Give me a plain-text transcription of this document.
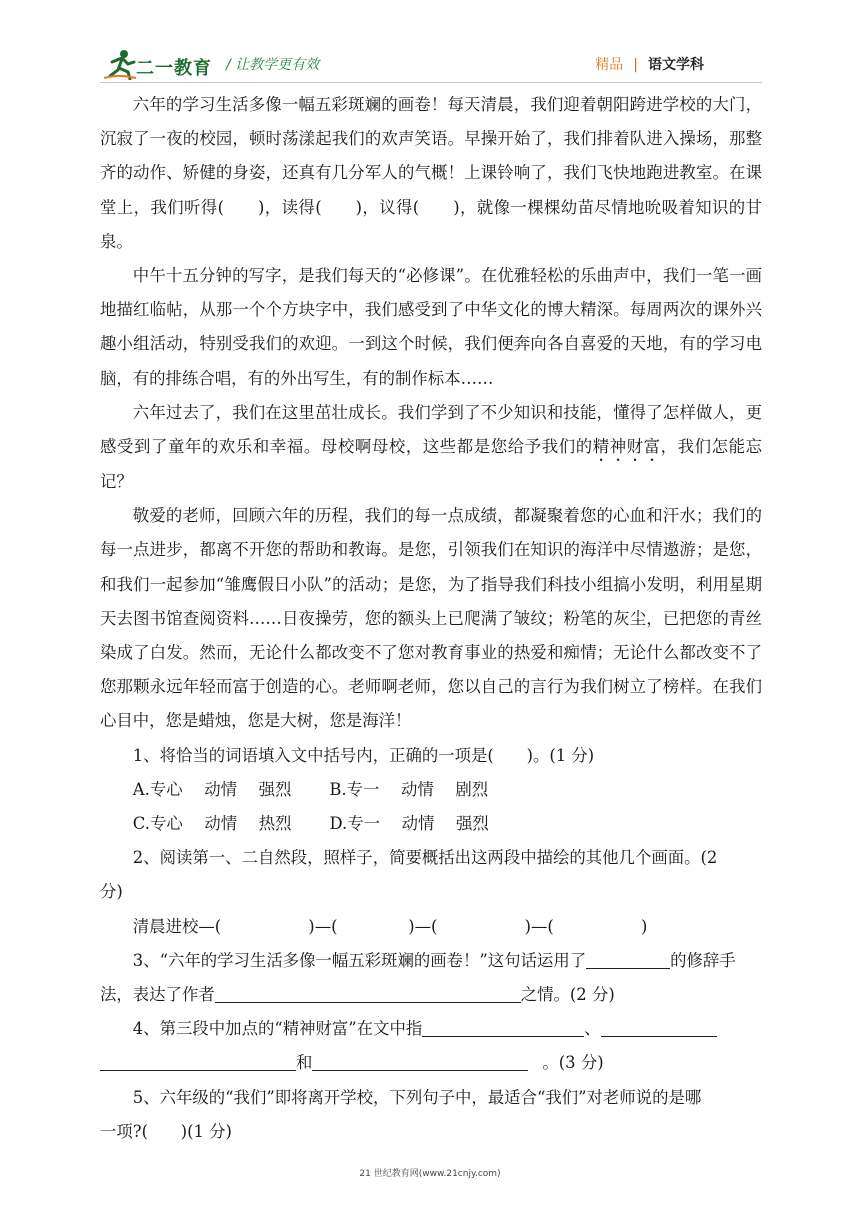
二一教育 / 让教学更有效	精品 | 语文学科

六年的学习生活多像一幅五彩斑斓的画卷！每天清晨，我们迎着朝阳跨进学校的大门，沉寂了一夜的校园，顿时荡漾起我们的欢声笑语。早操开始了，我们排着队进入操场，那整齐的动作、矫健的身姿，还真有几分军人的气概！上课铃响了，我们飞快地跑进教室。在课堂上，我们听得(　　)，读得(　　)，议得(　　)，就像一棵棵幼苗尽情地吮吸着知识的甘泉。

中午十五分钟的写字，是我们每天的“必修课”。在优雅轻松的乐曲声中，我们一笔一画地描红临帖，从那一个个方块字中，我们感受到了中华文化的博大精深。每周两次的课外兴趣小组活动，特别受我们的欢迎。一到这个时候，我们便奔向各自喜爱的天地，有的学习电脑，有的排练合唱，有的外出写生，有的制作标本……

六年过去了，我们在这里茁壮成长。我们学到了不少知识和技能，懂得了怎样做人，更感受到了童年的欢乐和幸福。母校啊母校，这些都是您给予我们的精神财富，我们怎能忘记？

敬爱的老师，回顾六年的历程，我们的每一点成绩，都凝聚着您的心血和汗水；我们的每一点进步，都离不开您的帮助和教诲。是您，引领我们在知识的海洋中尽情遨游；是您，和我们一起参加“雏鹰假日小队”的活动；是您，为了指导我们科技小组搞小发明，利用星期天去图书馆查阅资料……日夜操劳，您的额头上已爬满了皱纹；粉笔的灰尘，已把您的青丝染成了白发。然而，无论什么都改变不了您对教育事业的热爱和痴情；无论什么都改变不了您那颗永远年轻而富于创造的心。老师啊老师，您以自己的言行为我们树立了榜样。在我们心目中，您是蜡烛，您是大树，您是海洋！

1、将恰当的词语填入文中括号内，正确的一项是(　　)。(1 分)

A.专心　 动情　 强烈　　 B.专一　 动情　 剧烈

C.专心　 动情　 热烈　　 D.专一　 动情　 强烈

2、阅读第一、二自然段，照样子，简要概括出这两段中描绘的其他几个画面。(2

分)

清晨进校—(　　　　　 )—(　　　　 )—(　　　　　 )—(　　　　　 )

3、“六年的学习生活多像一幅五彩斑斓的画卷！”这句话运用了	的修辞手

法，表达了作者	之情。(2 分)

4、第三段中加点的“精神财富”在文中指	、

和	。(3 分)

5、六年级的“我们”即将离开学校，下列句子中，最适合“我们”对老师说的是哪

一项?(　　)(1 分)

21 世纪教育网(www.21cnjy.com)
